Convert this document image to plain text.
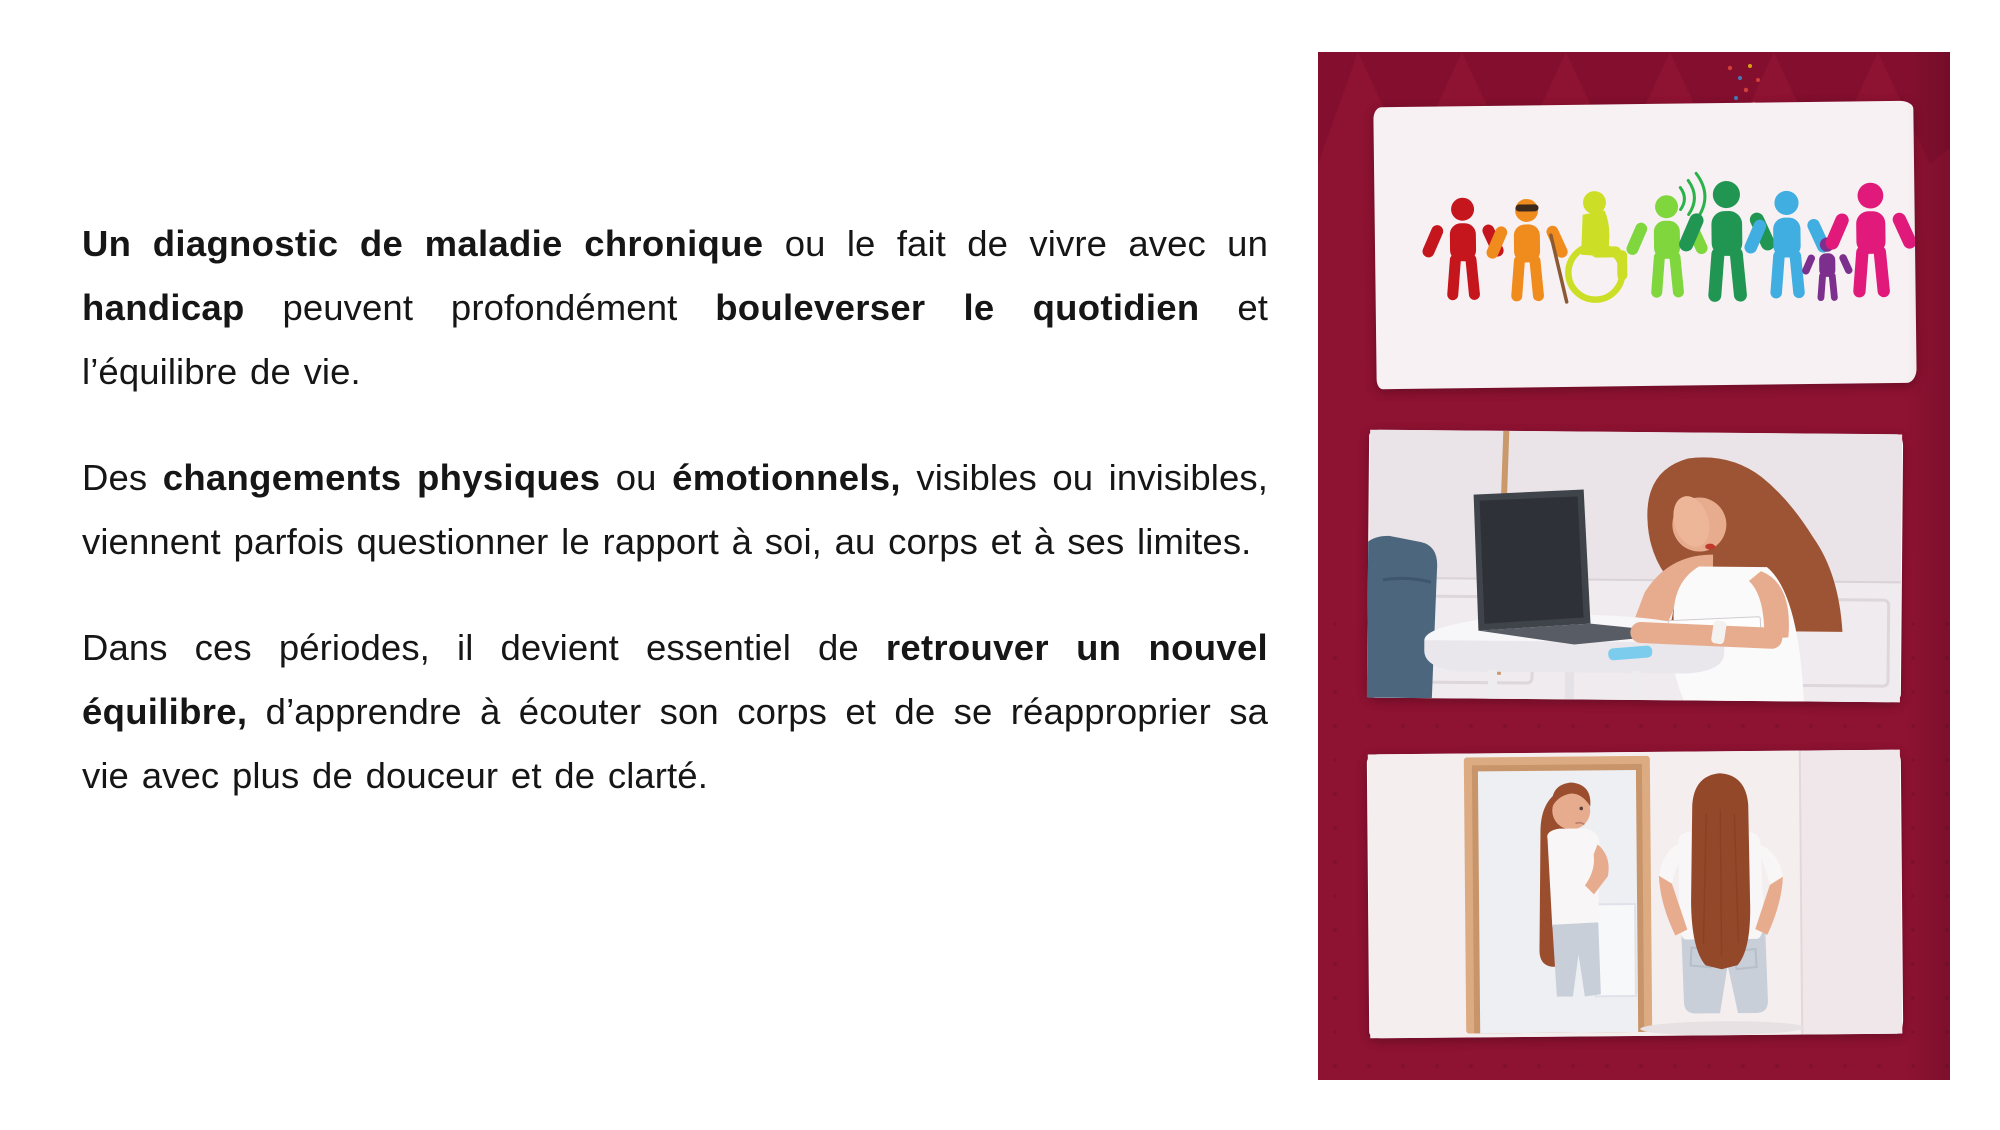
Un diagnostic de maladie chronique ou le fait de vivre avec un handicap peuvent profondément bouleverser le quotidien et l’équilibre de vie.

Des changements physiques ou émotionnels, visibles ou invisibles, viennent parfois questionner le rapport à soi, au corps et à ses limites.

Dans ces périodes, il devient essentiel de retrouver un nouvel équilibre, d’apprendre à écouter son corps et de se réapproprier sa vie avec plus de douceur et de clarté.
